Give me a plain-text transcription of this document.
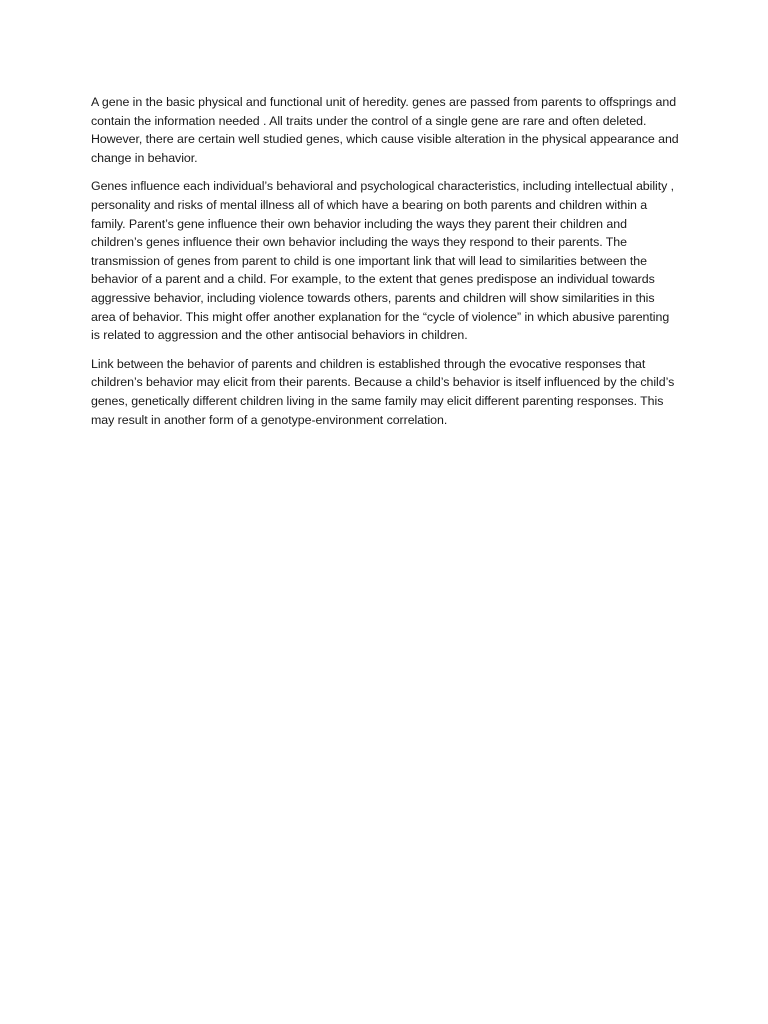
A gene in the basic physical and functional unit of heredity. genes are passed from parents to offsprings and contain the information needed . All traits under the control of a single gene are rare and often deleted. However, there are certain well studied genes, which cause visible alteration in the physical appearance and change in behavior.

Genes influence each individual’s behavioral and psychological characteristics, including intellectual ability , personality and risks of mental illness all of which have a bearing on both parents and children within a family. Parent’s gene influence their own behavior including the ways they parent their children and children’s genes influence their own behavior including the ways they respond to their parents. The transmission of genes from parent to child is one important link that will lead to similarities between the behavior of a parent and a child. For example, to the extent that genes predispose an individual towards aggressive behavior, including violence towards others, parents and children will show similarities in this area of behavior. This might offer another explanation for the “cycle of violence” in which abusive parenting is related to aggression and the other antisocial behaviors in children.

Link between the behavior of parents and children is established through the evocative responses that children’s behavior may elicit from their parents. Because a child’s behavior is itself influenced by the child’s genes, genetically different children living in the same family may elicit different parenting responses. This may result in another form of a genotype-environment correlation.
